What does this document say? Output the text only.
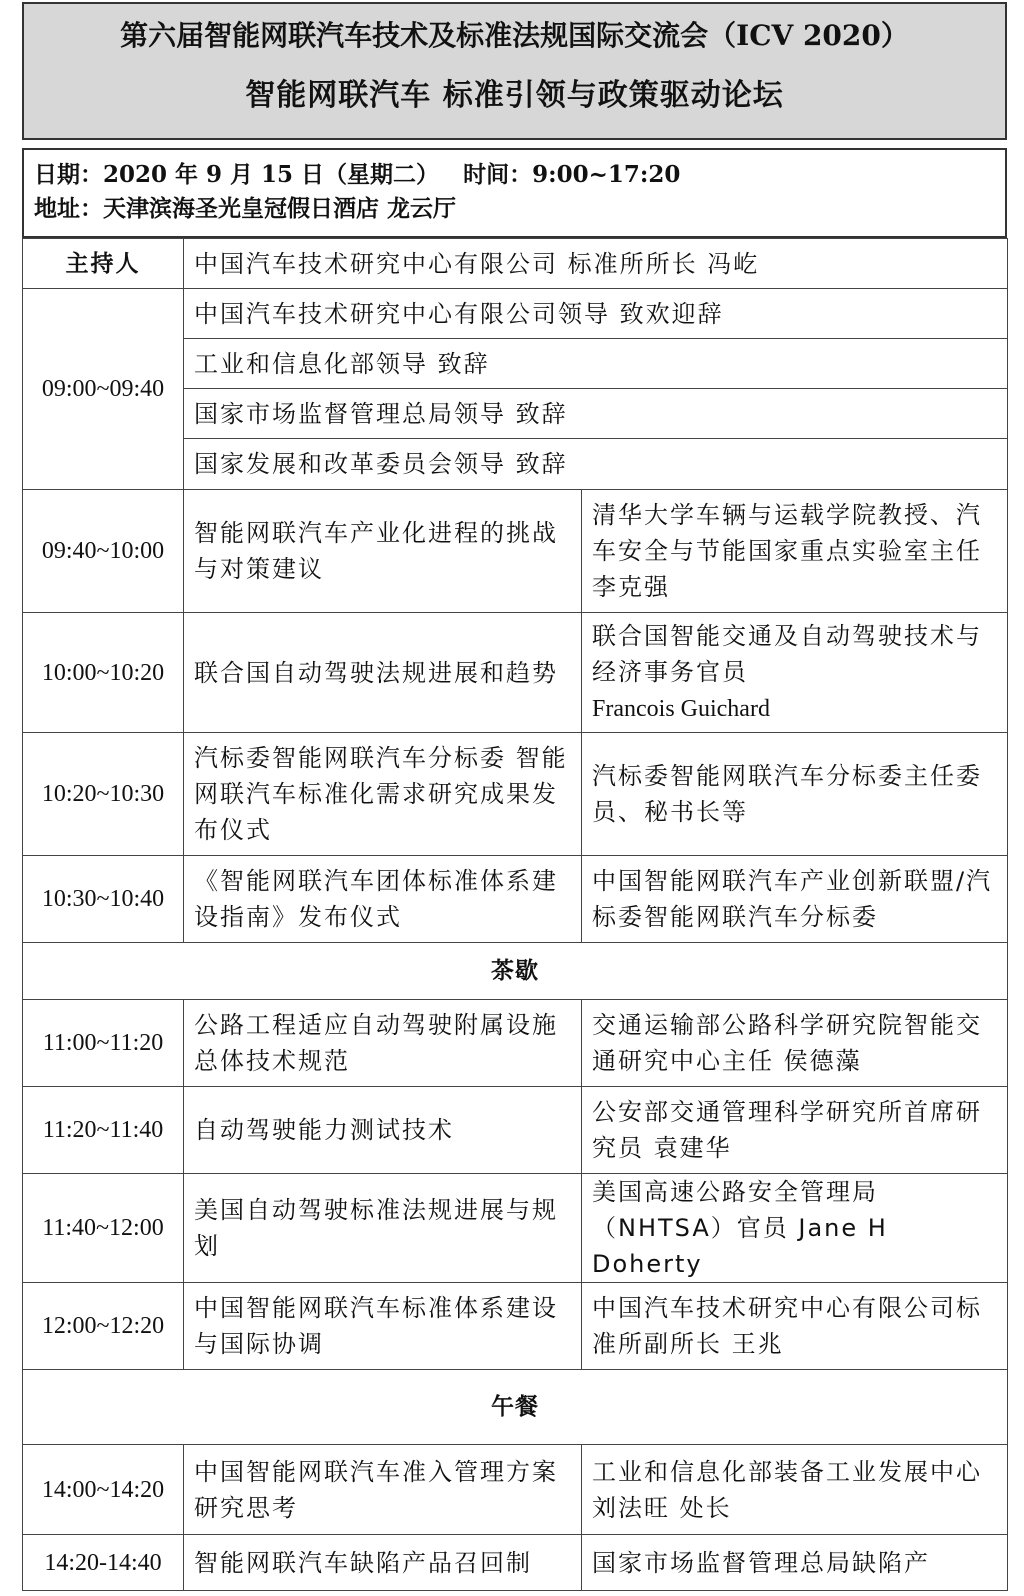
第六届智能网联汽车技术及标准法规国际交流会（ICV 2020）
智能网联汽车 标准引领与政策驱动论坛
日期：2020 年 9 月 15 日（星期二）   时间：9:00~17:20
地址：天津滨海圣光皇冠假日酒店 龙云厅
主持人	中国汽车技术研究中心有限公司 标准所所长 冯屹	
09:00~09:40	中国汽车技术研究中心有限公司领导 致欢迎辞	
	工业和信息化部领导 致辞	
	国家市场监督管理总局领导 致辞	
	国家发展和改革委员会领导 致辞	
09:40~10:00	智能网联汽车产业化进程的挑战与对策建议	清华大学车辆与运载学院教授、汽车安全与节能国家重点实验室主任 李克强
10:00~10:20	联合国自动驾驶法规进展和趋势	联合国智能交通及自动驾驶技术与经济事务官员
Francois Guichard
10:20~10:30	汽标委智能网联汽车分标委 智能网联汽车标准化需求研究成果发布仪式	汽标委智能网联汽车分标委主任委员、秘书长等
10:30~10:40	《智能网联汽车团体标准体系建设指南》发布仪式	中国智能网联汽车产业创新联盟/汽标委智能网联汽车分标委
茶歇		
11:00~11:20	公路工程适应自动驾驶附属设施总体技术规范	交通运输部公路科学研究院智能交通研究中心主任 侯德藻
11:20~11:40	自动驾驶能力测试技术	公安部交通管理科学研究所首席研究员 袁建华
11:40~12:00	美国自动驾驶标准法规进展与规划	美国高速公路安全管理局（NHTSA）官员 Jane H Doherty
12:00~12:20	中国智能网联汽车标准体系建设与国际协调	中国汽车技术研究中心有限公司标准所副所长 王兆
午餐		
14:00~14:20	中国智能网联汽车准入管理方案研究思考	工业和信息化部装备工业发展中心 刘法旺 处长
14:20-14:40	智能网联汽车缺陷产品召回制	国家市场监督管理总局缺陷产
